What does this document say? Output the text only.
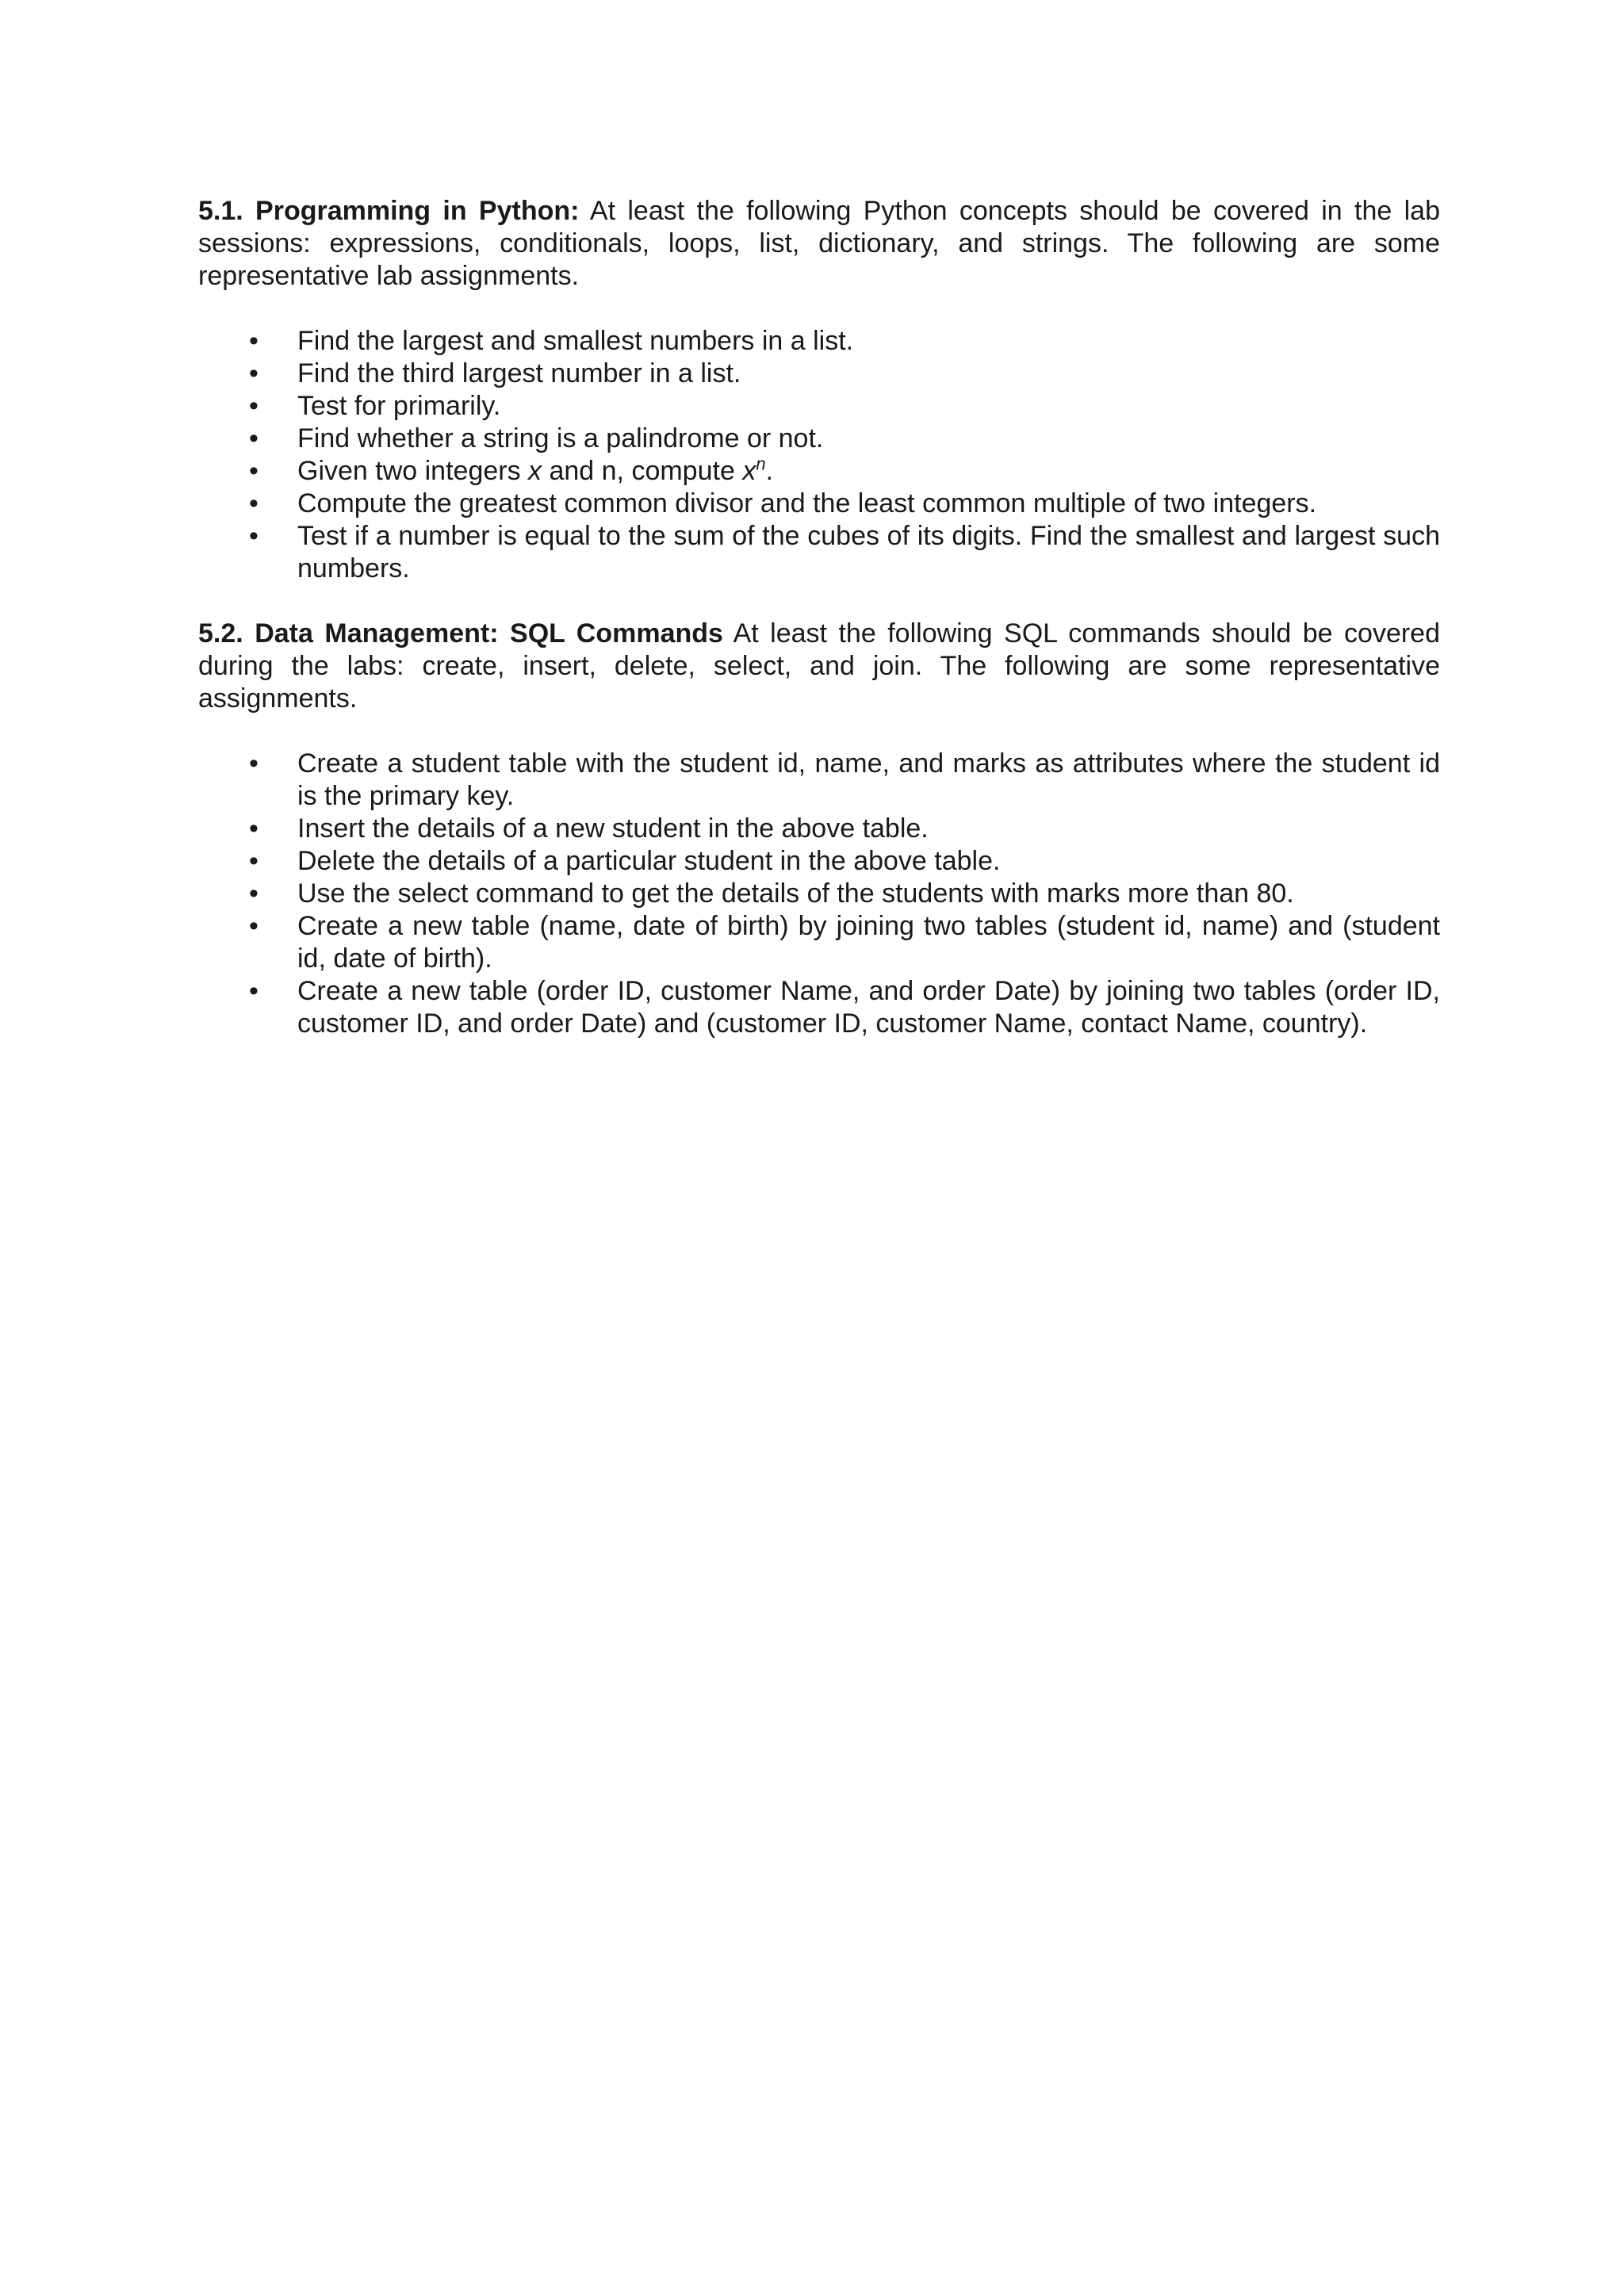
5.1. Programming in Python: At least the following Python concepts should be covered in the lab sessions: expressions, conditionals, loops, list, dictionary, and strings. The following are some representative lab assignments.

• Find the largest and smallest numbers in a list.
• Find the third largest number in a list.
• Test for primarily.
• Find whether a string is a palindrome or not.
• Given two integers x and n, compute $x^n$.
• Compute the greatest common divisor and the least common multiple of two integers.
• Test if a number is equal to the sum of the cubes of its digits. Find the smallest and largest such numbers.

5.2. Data Management: SQL Commands At least the following SQL commands should be covered during the labs: create, insert, delete, select, and join. The following are some representative assignments.

• Create a student table with the student id, name, and marks as attributes where the student id is the primary key.
• Insert the details of a new student in the above table.
• Delete the details of a particular student in the above table.
• Use the select command to get the details of the students with marks more than 80.
• Create a new table (name, date of birth) by joining two tables (student id, name) and (student id, date of birth).
• Create a new table (order ID, customer Name, and order Date) by joining two tables (order ID, customer ID, and order Date) and (customer ID, customer Name, contact Name, country).
